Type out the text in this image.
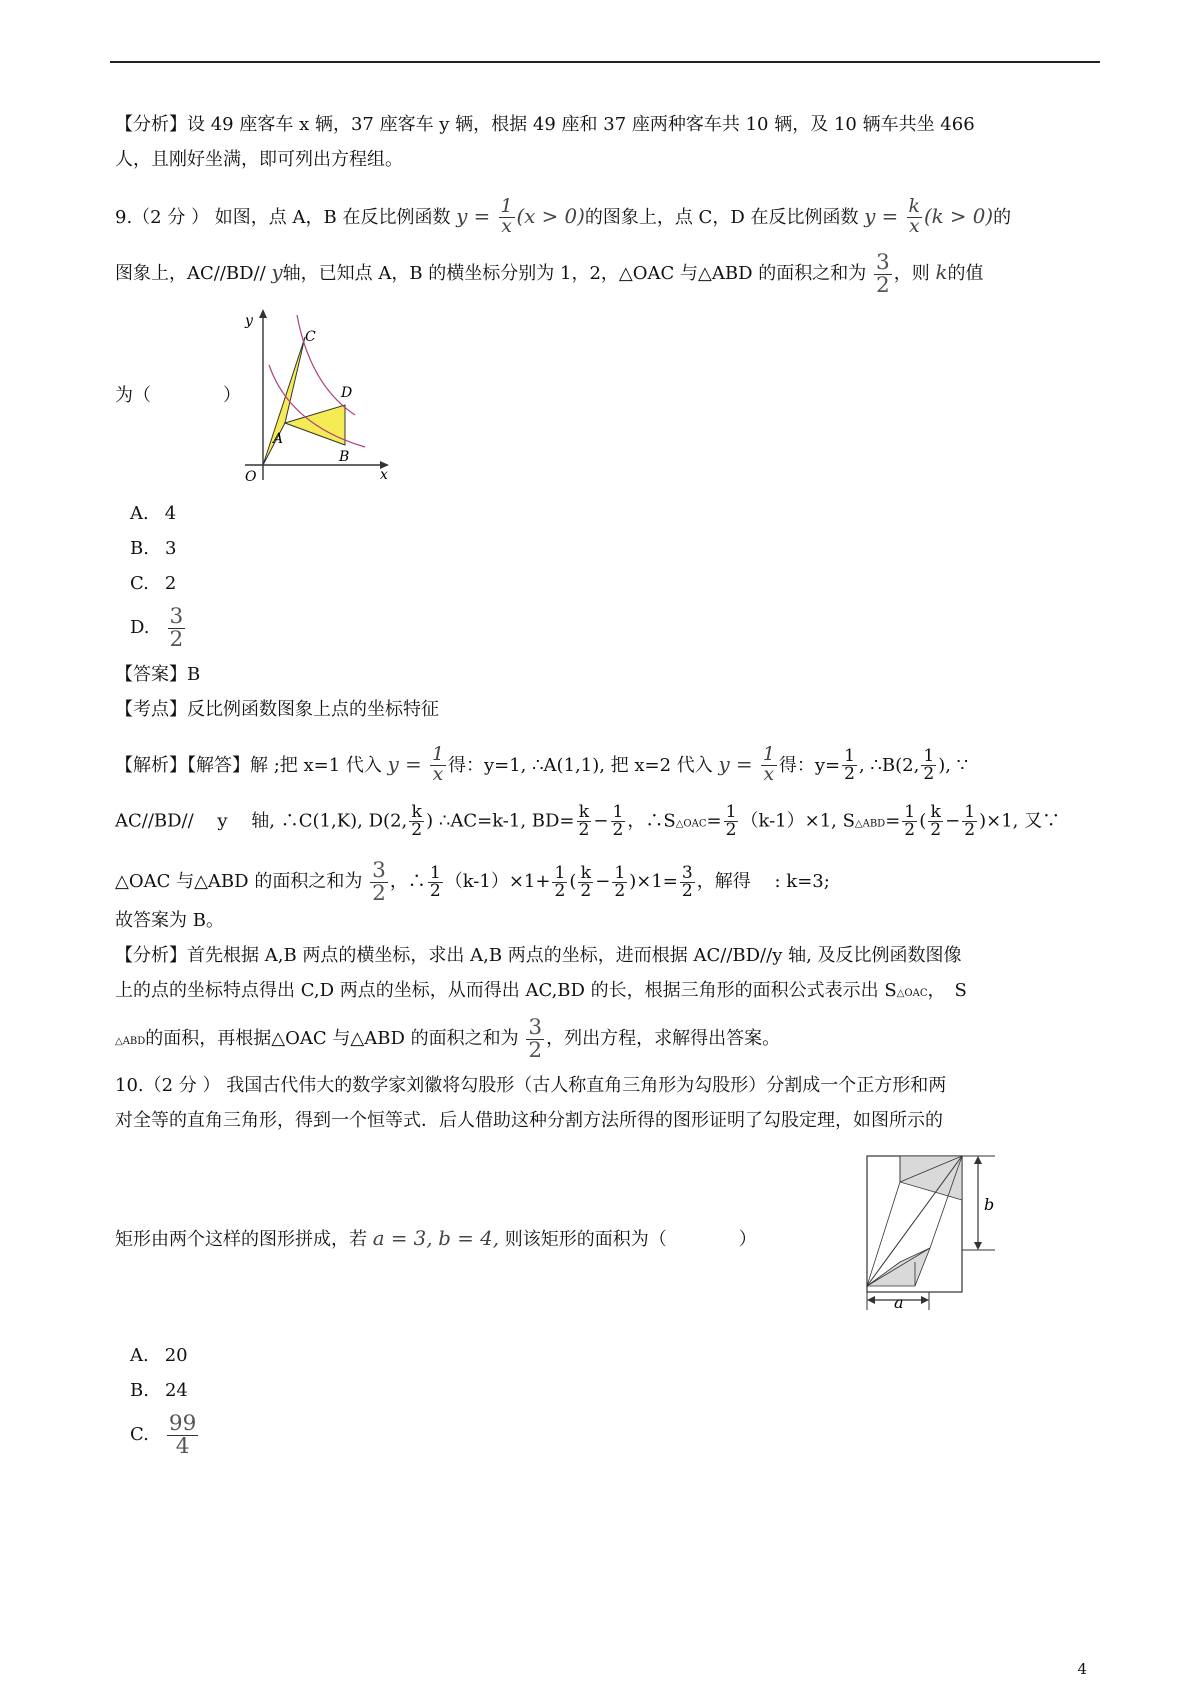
【分析】设 49 座客车 x 辆，37 座客车 y 辆，根据 49 座和 37 座两种客车共 10 辆，及 10 辆车共坐 466
人，且刚好坐满，即可列出方程组。
9.（2 分 ） 如图，点 A，B 在反比例函数 $y = \frac{1}{x} (x > 0)$的图象上，点 C，D 在反比例函数 $y = \frac{k}{x} (k > 0)$的
图象上，AC//BD// y轴，已知点 A，B 的横坐标分别为 1，2，△OAC 与△ABD 的面积之和为 $\frac{3}{2}$ ，则 k的值
为（　　　　）
y
x
O
A
B
C
D
A. 4
B. 3
C. 2
D. $\frac{3}{2}$
【答案】B
【考点】反比例函数图象上点的坐标特征
【解析】【解答】解 ;把 x=1 代入 $y = \frac{1}{x}$ 得：y=1, ∴A(1,1), 把 x=2 代入 $y = \frac{1}{x}$ 得：$y= \frac{1}{2}$ , ∴B(2, $\frac{1}{2}$ ), ∵
AC//BD//　 y　 轴, ∴C(1,K), D(2, $\frac{k}{2}$ ) ∴AC=k-1, $BD= \frac{k}{2} - \frac{1}{2}$ ，∴S△OAC= $\frac{1}{2} (k-1)\times 1$, S△ABD= $\frac{1}{2}$ ( $\frac{k}{2} - \frac{1}{2} )\times 1$, 又∵
△OAC 与△ABD 的面积之和为 $\frac{3}{2}$ ，∴ $\frac{1}{2} (k-1)\times 1+ \frac{1}{2}$ ( $\frac{k}{2} - \frac{1}{2} )\times 1= \frac{3}{2}$ ，解得　 : k=3;
故答案为 B。
【分析】首先根据 A,B 两点的横坐标，求出 A,B 两点的坐标，进而根据 AC//BD//y 轴, 及反比例函数图像
上的点的坐标特点得出 C,D 两点的坐标，从而得出 AC,BD 的长，根据三角形的面积公式表示出 S△OAC，　S
△ABD的面积，再根据△OAC 与△ABD 的面积之和为 $\frac{3}{2}$ ，列出方程，求解得出答案。
10.（2 分 ） 我国古代伟大的数学家刘徽将勾股形（古人称直角三角形为勾股形）分割成一个正方形和两
对全等的直角三角形，得到一个恒等式．后人借助这种分割方法所得的图形证明了勾股定理，如图所示的
矩形由两个这样的图形拼成，若 a = 3, b = 4, 则该矩形的面积为（　　　　）
b
a
A. 20
B. 24
C. $\frac{99}{4}$
4
